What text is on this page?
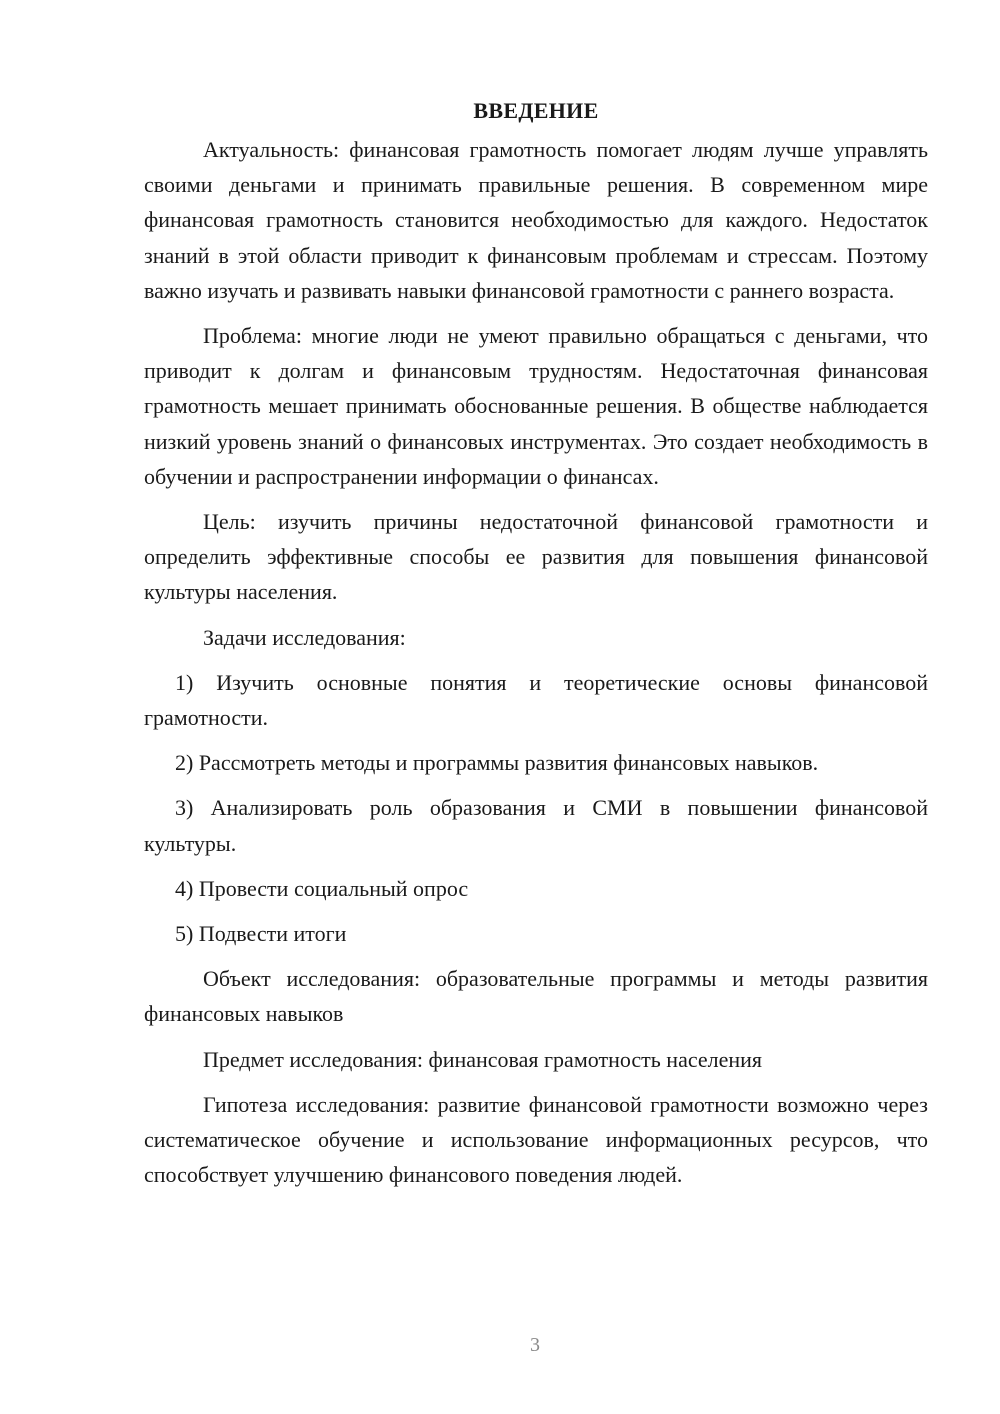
ВВЕДЕНИЕ

Актуальность: финансовая грамотность помогает людям лучше управлять своими деньгами и принимать правильные решения. В современном мире финансовая грамотность становится необходимостью для каждого. Недостаток знаний в этой области приводит к финансовым проблемам и стрессам. Поэтому важно изучать и развивать навыки финансовой грамотности с раннего возраста.

Проблема: многие люди не умеют правильно обращаться с деньгами, что приводит к долгам и финансовым трудностям. Недостаточная финансовая грамотность мешает принимать обоснованные решения. В обществе наблюдается низкий уровень знаний о финансовых инструментах. Это создает необходимость в обучении и распространении информации о финансах.

Цель: изучить причины недостаточной финансовой грамотности и определить эффективные способы ее развития для повышения финансовой культуры населения.

Задачи исследования:

1) Изучить основные понятия и теоретические основы финансовой грамотности.

2) Рассмотреть методы и программы развития финансовых навыков.

3) Анализировать роль образования и СМИ в повышении финансовой культуры.

4) Провести социальный опрос

5) Подвести итоги

Объект исследования: образовательные программы и методы развития финансовых навыков

Предмет исследования: финансовая грамотность населения

Гипотеза исследования: развитие финансовой грамотности возможно через систематическое обучение и использование информационных ресурсов, что способствует улучшению финансового поведения людей.

3
